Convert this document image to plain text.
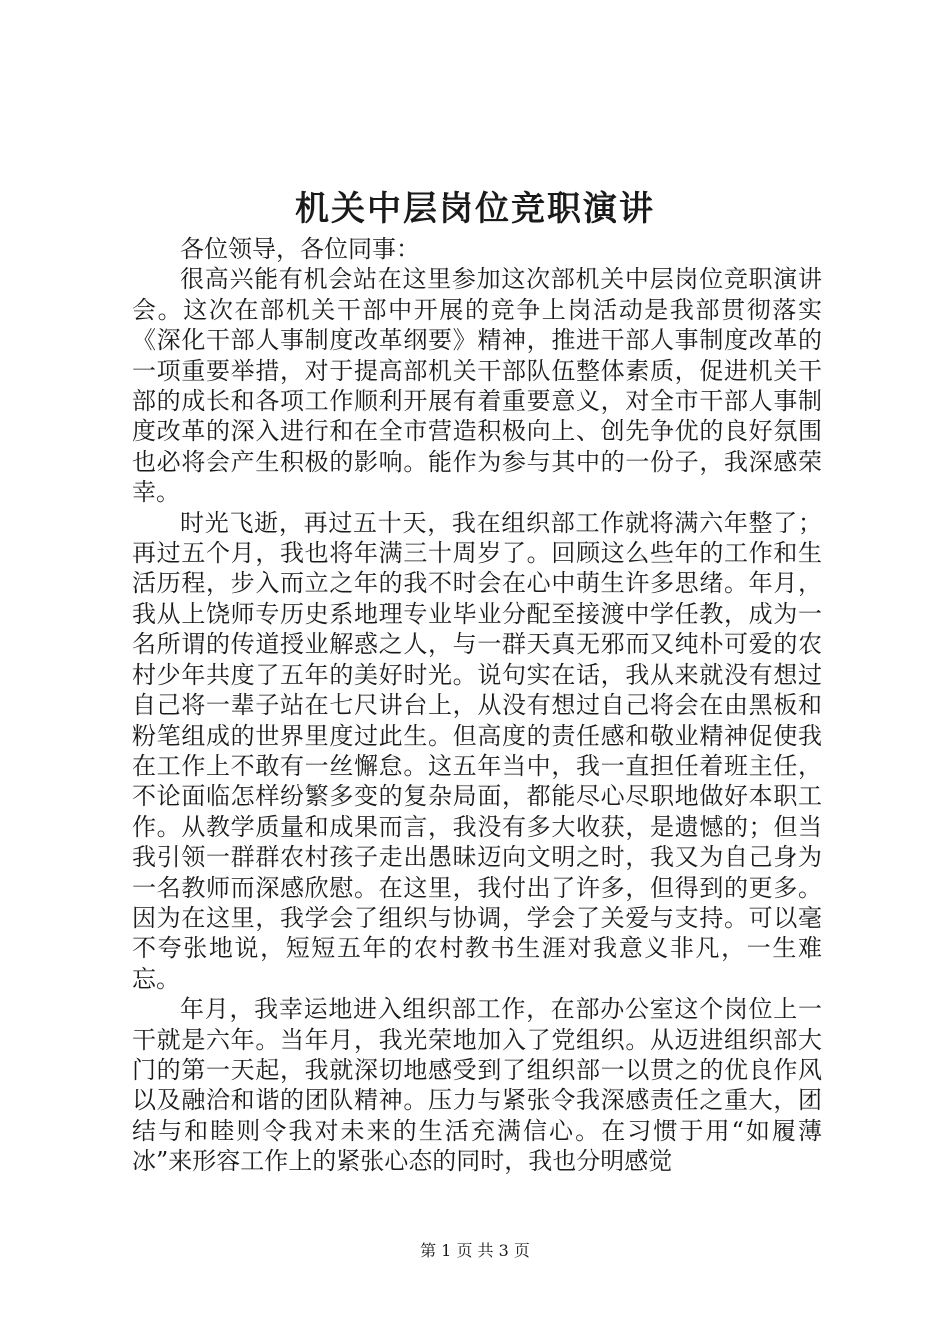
机关中层岗位竞职演讲

各位领导，各位同事：

很高兴能有机会站在这里参加这次部机关中层岗位竞职演讲会。这次在部机关干部中开展的竞争上岗活动是我部贯彻落实《深化干部人事制度改革纲要》精神，推进干部人事制度改革的一项重要举措，对于提高部机关干部队伍整体素质，促进机关干部的成长和各项工作顺利开展有着重要意义，对全市干部人事制度改革的深入进行和在全市营造积极向上、创先争优的良好氛围也必将会产生积极的影响。能作为参与其中的一份子，我深感荣幸。

时光飞逝，再过五十天，我在组织部工作就将满六年整了；再过五个月，我也将年满三十周岁了。回顾这么些年的工作和生活历程，步入而立之年的我不时会在心中萌生许多思绪。年月，我从上饶师专历史系地理专业毕业分配至接渡中学任教，成为一名所谓的传道授业解惑之人，与一群天真无邪而又纯朴可爱的农村少年共度了五年的美好时光。说句实在话，我从来就没有想过自己将一辈子站在七尺讲台上，从没有想过自己将会在由黑板和粉笔组成的世界里度过此生。但高度的责任感和敬业精神促使我在工作上不敢有一丝懈怠。这五年当中，我一直担任着班主任，不论面临怎样纷繁多变的复杂局面，都能尽心尽职地做好本职工作。从教学质量和成果而言，我没有多大收获，是遗憾的；但当我引领一群群农村孩子走出愚昧迈向文明之时，我又为自己身为一名教师而深感欣慰。在这里，我付出了许多，但得到的更多。因为在这里，我学会了组织与协调，学会了关爱与支持。可以毫不夸张地说，短短五年的农村教书生涯对我意义非凡，一生难忘。

年月，我幸运地进入组织部工作，在部办公室这个岗位上一干就是六年。当年月，我光荣地加入了党组织。从迈进组织部大门的第一天起，我就深切地感受到了组织部一以贯之的优良作风以及融洽和谐的团队精神。压力与紧张令我深感责任之重大，团结与和睦则令我对未来的生活充满信心。在习惯于用“如履薄冰”来形容工作上的紧张心态的同时，我也分明感觉

第 1 页 共 3 页
